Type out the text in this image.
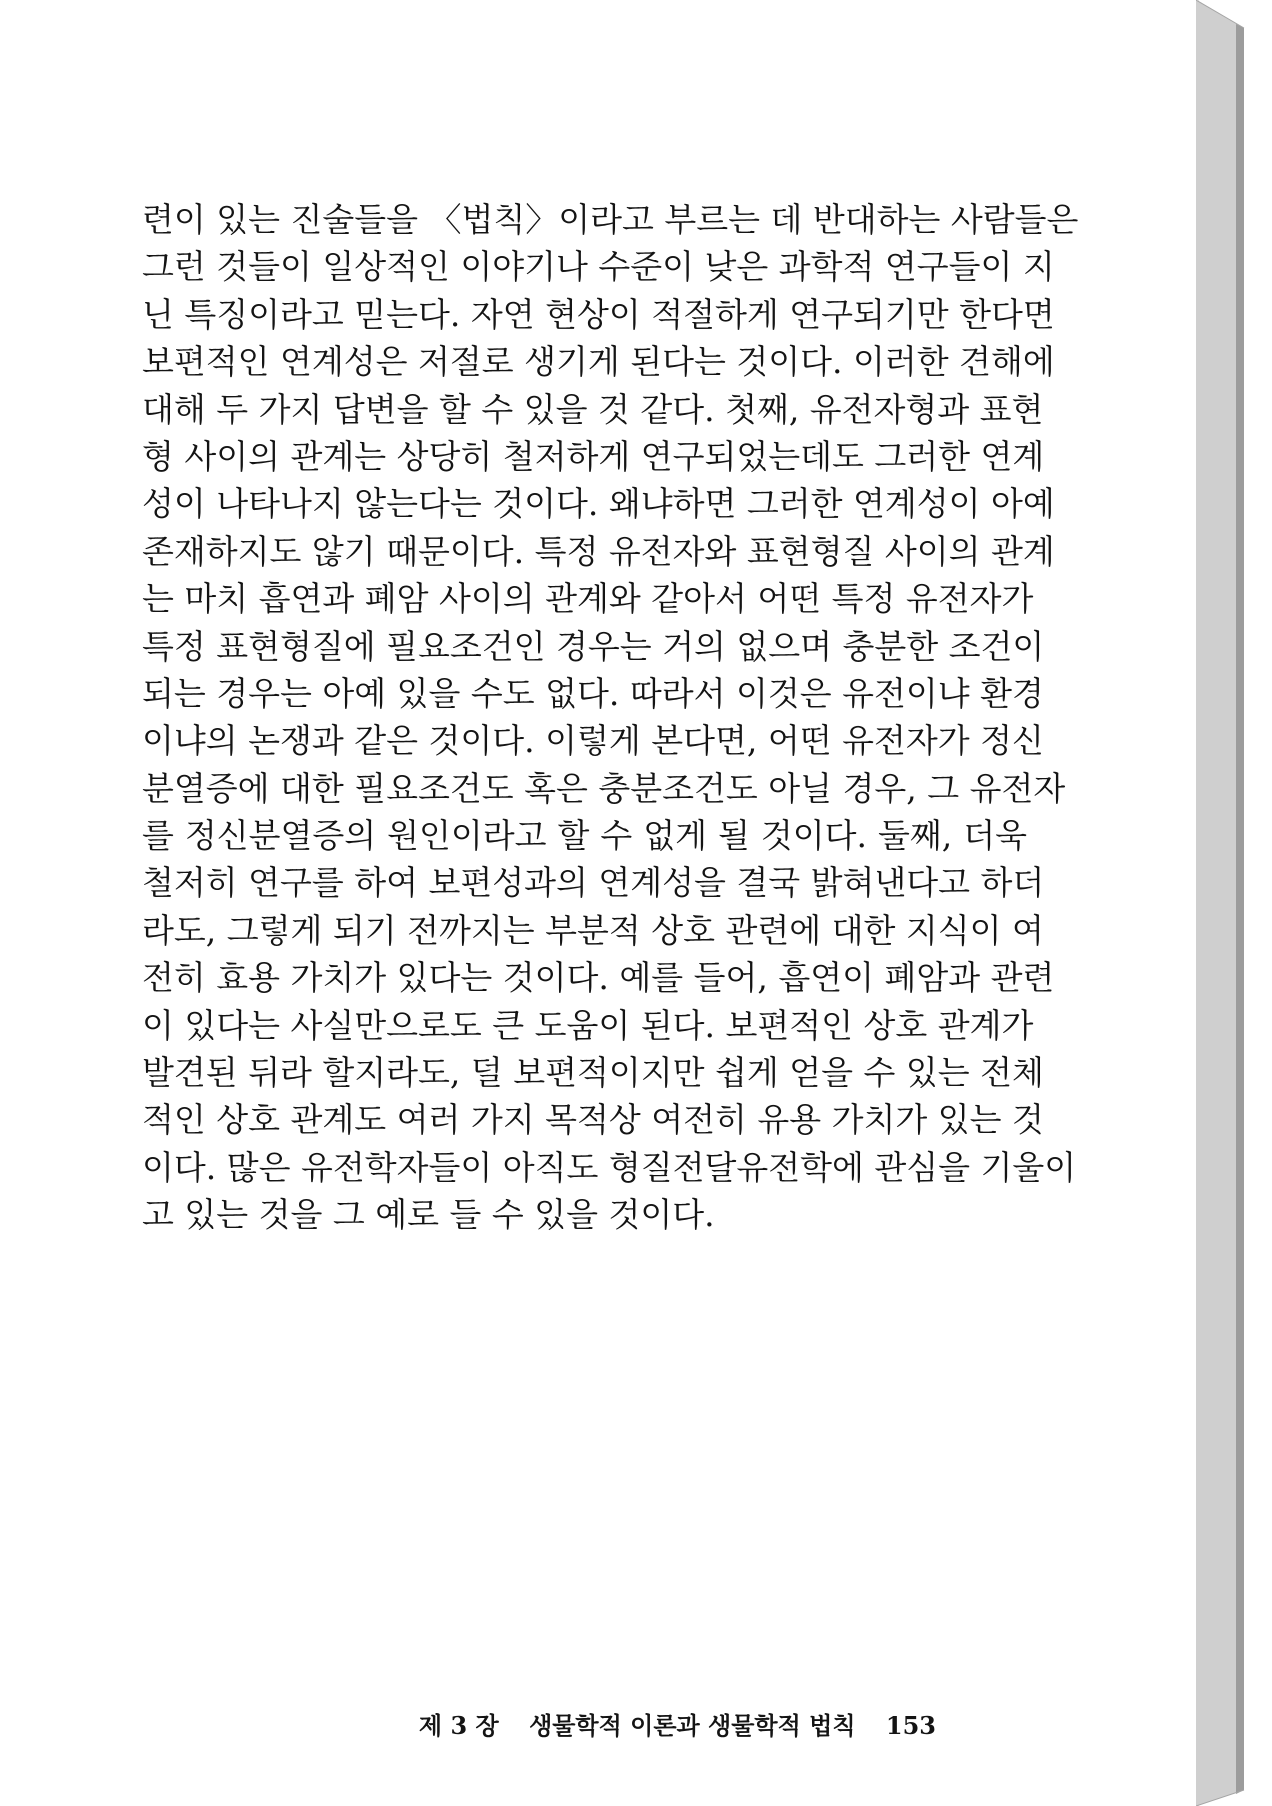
련이 있는 진술들을 〈법칙〉이라고 부르는 데 반대하는 사람들은
그런 것들이 일상적인 이야기나 수준이 낮은 과학적 연구들이 지
닌 특징이라고 믿는다. 자연 현상이 적절하게 연구되기만 한다면
보편적인 연계성은 저절로 생기게 된다는 것이다. 이러한 견해에
대해 두 가지 답변을 할 수 있을 것 같다. 첫째, 유전자형과 표현
형 사이의 관계는 상당히 철저하게 연구되었는데도 그러한 연계
성이 나타나지 않는다는 것이다. 왜냐하면 그러한 연계성이 아예
존재하지도 않기 때문이다. 특정 유전자와 표현형질 사이의 관계
는 마치 흡연과 폐암 사이의 관계와 같아서 어떤 특정 유전자가
특정 표현형질에 필요조건인 경우는 거의 없으며 충분한 조건이
되는 경우는 아예 있을 수도 없다. 따라서 이것은 유전이냐 환경
이냐의 논쟁과 같은 것이다. 이렇게 본다면, 어떤 유전자가 정신
분열증에 대한 필요조건도 혹은 충분조건도 아닐 경우, 그 유전자
를 정신분열증의 원인이라고 할 수 없게 될 것이다. 둘째, 더욱
철저히 연구를 하여 보편성과의 연계성을 결국 밝혀낸다고 하더
라도, 그렇게 되기 전까지는 부분적 상호 관련에 대한 지식이 여
전히 효용 가치가 있다는 것이다. 예를 들어, 흡연이 폐암과 관련
이 있다는 사실만으로도 큰 도움이 된다. 보편적인 상호 관계가
발견된 뒤라 할지라도, 덜 보편적이지만 쉽게 얻을 수 있는 전체
적인 상호 관계도 여러 가지 목적상 여전히 유용 가치가 있는 것
이다. 많은 유전학자들이 아직도 형질전달유전학에 관심을 기울이
고 있는 것을 그 예로 들 수 있을 것이다.
제 3 장 생물학적 이론과 생물학적 법칙 153
